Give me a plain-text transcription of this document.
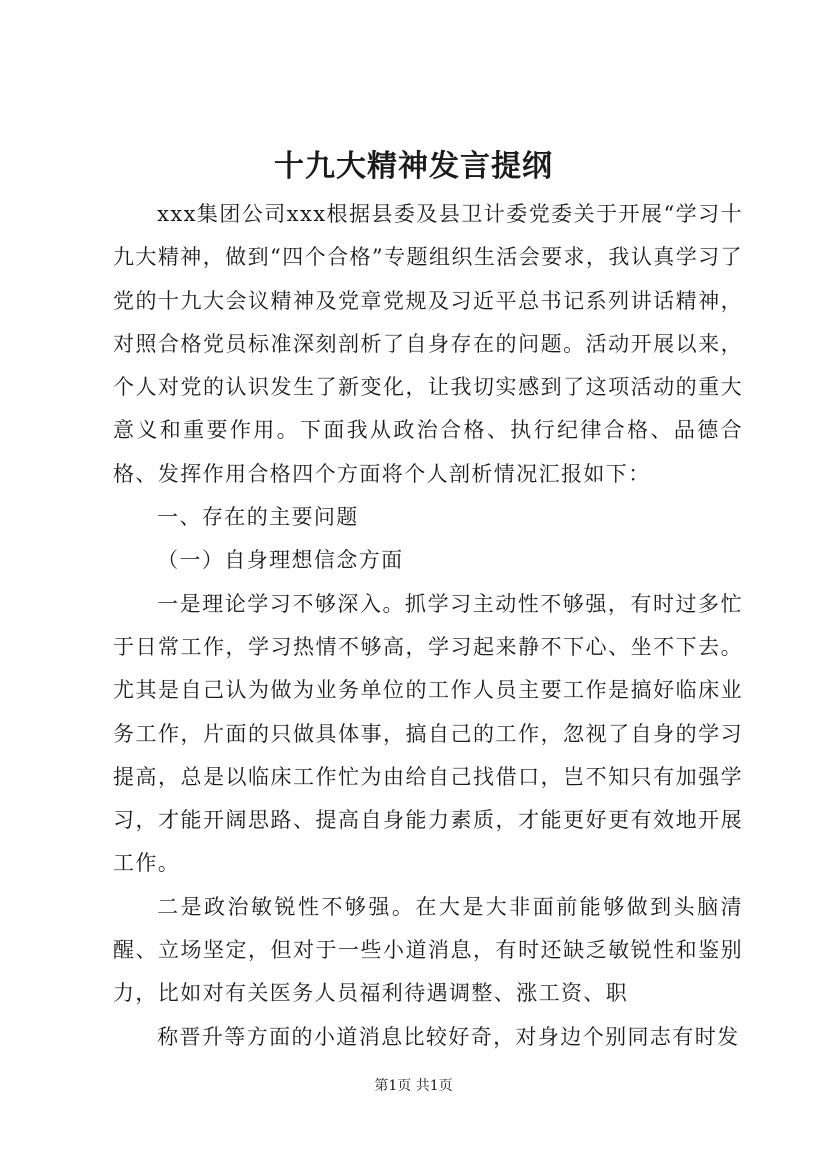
十九大精神发言提纲

xxx集团公司xxx根据县委及县卫计委党委关于开展“学习十九大精神，做到“四个合格”专题组织生活会要求，我认真学习了党的十九大会议精神及党章党规及习近平总书记系列讲话精神，对照合格党员标准深刻剖析了自身存在的问题。活动开展以来，个人对党的认识发生了新变化，让我切实感到了这项活动的重大意义和重要作用。下面我从政治合格、执行纪律合格、品德合格、发挥作用合格四个方面将个人剖析情况汇报如下：

一、存在的主要问题

（一）自身理想信念方面

一是理论学习不够深入。抓学习主动性不够强，有时过多忙于日常工作，学习热情不够高，学习起来静不下心、坐不下去。尤其是自己认为做为业务单位的工作人员主要工作是搞好临床业务工作，片面的只做具体事，搞自己的工作，忽视了自身的学习提高，总是以临床工作忙为由给自己找借口，岂不知只有加强学习，才能开阔思路、提高自身能力素质，才能更好更有效地开展工作。

二是政治敏锐性不够强。在大是大非面前能够做到头脑清醒、立场坚定，但对于一些小道消息，有时还缺乏敏锐性和鉴别力，比如对有关医务人员福利待遇调整、涨工资、职

称晋升等方面的小道消息比较好奇，对身边个别同志有时发

第1页 共1页
